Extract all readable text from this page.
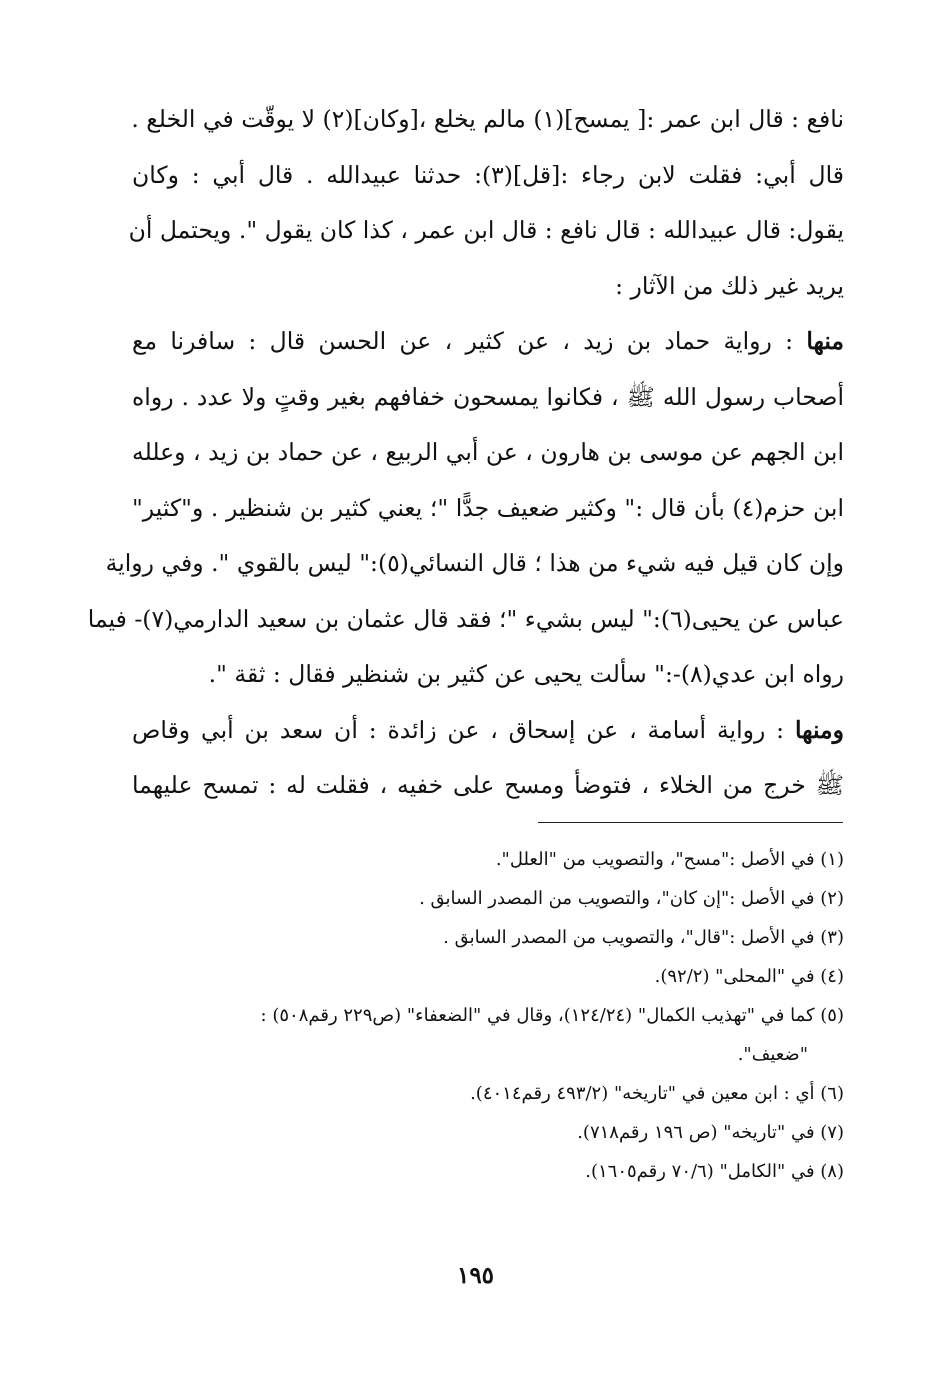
نافع : قال ابن عمر :[ يمسح](١) مالم يخلع ،[وكان](٢) لا يوقّت في الخلع .
قال أبي: فقلت لابن رجاء :[قل](٣): حدثنا عبيدالله . قال أبي : وكان
يقول: قال عبيدالله : قال نافع : قال ابن عمر ، كذا كان يقول ". ويحتمل أن
يريد غير ذلك من الآثار :
منها : رواية حماد بن زيد ، عن كثير ، عن الحسن قال : سافرنا مع
أصحاب رسول الله ﷺ ، فكانوا يمسحون خفافهم بغير وقتٍ ولا عدد . رواه
ابن الجهم عن موسى بن هارون ، عن أبي الربيع ، عن حماد بن زيد ، وعلله
ابن حزم(٤) بأن قال :" وكثير ضعيف جدًّا "؛ يعني كثير بن شنظير . و"كثير"
وإن كان قيل فيه شيء من هذا ؛ قال النسائي(٥):" ليس بالقوي ". وفي رواية
عباس عن يحيى(٦):" ليس بشيء "؛ فقد قال عثمان بن سعيد الدارمي(٧)- فيما
رواه ابن عدي(٨)-:" سألت يحيى عن كثير بن شنظير فقال : ثقة ".
ومنها : رواية أسامة ، عن إسحاق ، عن زائدة : أن سعد بن أبي وقاص
ﷺ خرج من الخلاء ، فتوضأ ومسح على خفيه ، فقلت له : تمسح عليهما
(١) في الأصل :"مسح"، والتصويب من "العلل".
(٢) في الأصل :"إن كان"، والتصويب من المصدر السابق .
(٣) في الأصل :"قال"، والتصويب من المصدر السابق .
(٤) في "المحلى" (٩٢/٢).
(٥) كما في "تهذيب الكمال" (١٢٤/٢٤)، وقال في "الضعفاء" (ص٢٢٩ رقم٥٠٨) :
"ضعيف".
(٦) أي : ابن معين في "تاريخه" (٤٩٣/٢ رقم٤٠١٤).
(٧) في "تاريخه" (ص ١٩٦ رقم٧١٨).
(٨) في "الكامل" (٧٠/٦ رقم١٦٠٥).
١٩٥
